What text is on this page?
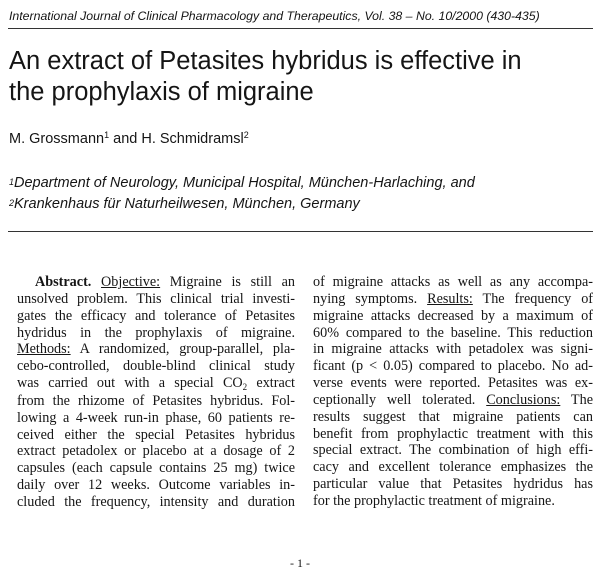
International Journal of Clinical Pharmacology and Therapeutics, Vol. 38 – No. 10/2000 (430-435)
An extract of Petasites hybridus is effective in
the prophylaxis of migraine
M. Grossmann$^1$ and H. Schmidramsl$^2$
$^1$Department of Neurology, Municipal Hospital, München-Harlaching, and
$^2$Krankenhaus für Naturheilwesen, München, Germany
Abstract. Objective: Migraine is still an
unsolved problem. This clinical trial investi-
gates the efficacy and tolerance of Petasites
hydridus in the prophylaxis of migraine.
Methods: A randomized, group-parallel, pla-
cebo-controlled, double-blind clinical study
was carried out with a special $CO_2$ extract
from the rhizome of Petasites hybridus. Fol-
lowing a 4-week run-in phase, 60 patients re-
ceived either the special Petasites hybridus
extract petadolex or placebo at a dosage of 2
capsules (each capsule contains 25 mg) twice
daily over 12 weeks. Outcome variables in-
cluded the frequency, intensity and duration
of migraine attacks as well as any accompa-
nying symptoms. Results: The frequency of
migraine attacks decreased by a maximum of
60% compared to the baseline. This reduction
in migraine attacks with petadolex was signi-
ficant (p < 0.05) compared to placebo. No ad-
verse events were reported. Petasites was ex-
ceptionally well tolerated. Conclusions: The
results suggest that migraine patients can
benefit from prophylactic treatment with this
special extract. The combination of high effi-
cacy and excellent tolerance emphasizes the
particular value that Petasites hydridus has
for the prophylactic treatment of migraine.
- 1 -
